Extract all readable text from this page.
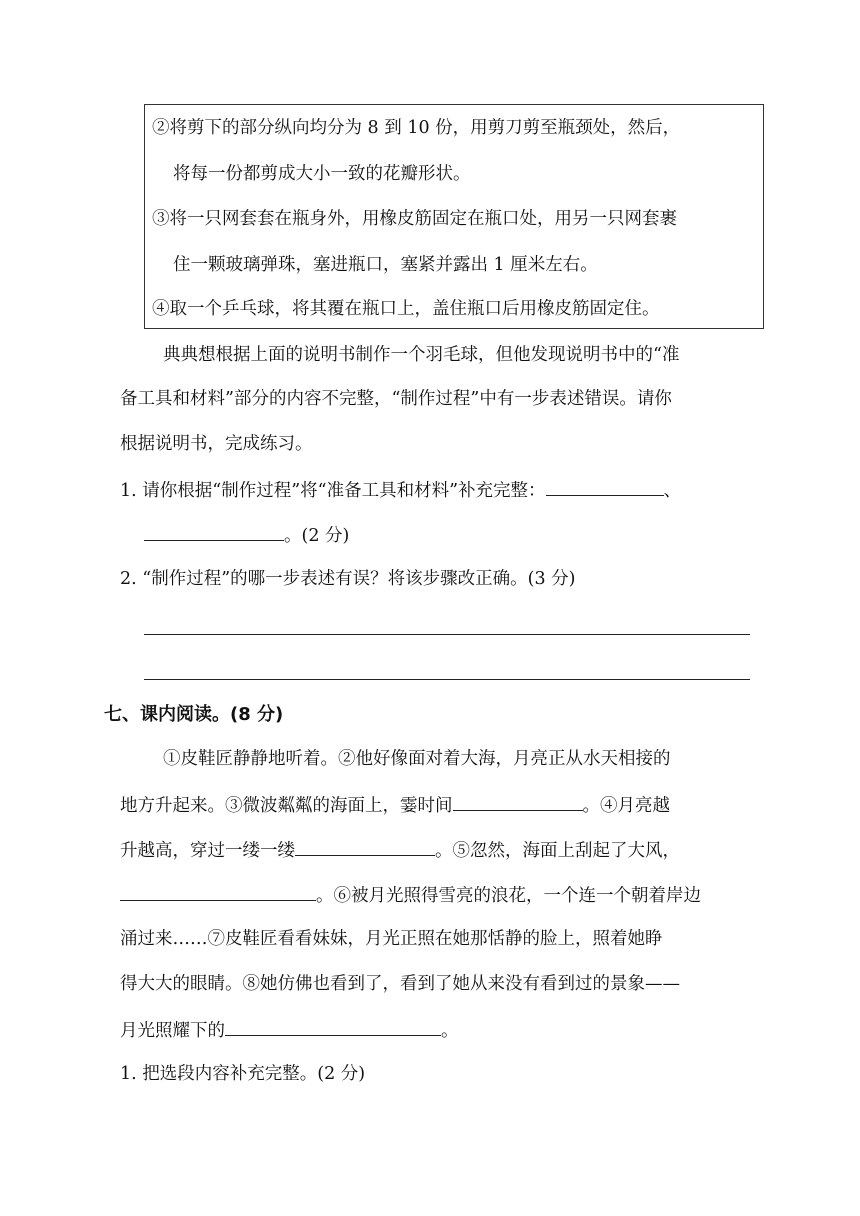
②将剪下的部分纵向均分为 8 到 10 份，用剪刀剪至瓶颈处，然后，
将每一份都剪成大小一致的花瓣形状。
③将一只网套套在瓶身外，用橡皮筋固定在瓶口处，用另一只网套裹
住一颗玻璃弹珠，塞进瓶口，塞紧并露出 1 厘米左右。
④取一个乒乓球，将其覆在瓶口上，盖住瓶口后用橡皮筋固定住。
典典想根据上面的说明书制作一个羽毛球，但他发现说明书中的“准
备工具和材料”部分的内容不完整，“制作过程”中有一步表述错误。请你
根据说明书，完成练习。
1. 请你根据“制作过程”将“准备工具和材料”补充完整：	、
。(2 分)
2. “制作过程”的哪一步表述有误？将该步骤改正确。(3 分)
七、课内阅读。(8 分)
①皮鞋匠静静地听着。②他好像面对着大海，月亮正从水天相接的
地方升起来。③微波粼粼的海面上，霎时间	。④月亮越
升越高，穿过一缕一缕	。⑤忽然，海面上刮起了大风，
。⑥被月光照得雪亮的浪花，一个连一个朝着岸边
涌过来……⑦皮鞋匠看看妹妹，月光正照在她那恬静的脸上，照着她睁
得大大的眼睛。⑧她仿佛也看到了，看到了她从来没有看到过的景象——
月光照耀下的	。
1. 把选段内容补充完整。(2 分)
